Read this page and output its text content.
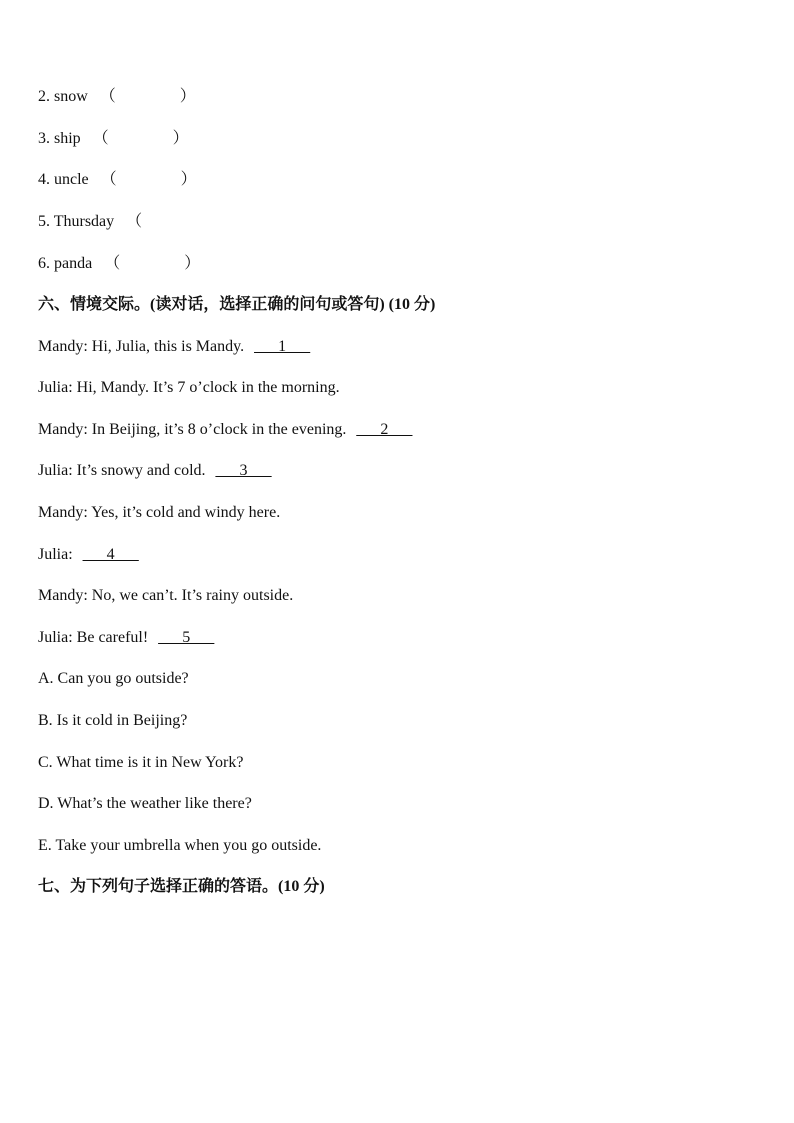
2. snow （　　　　）
3. ship （　　　　）
4. uncle （　　　　）
5. Thursday （
6. panda （　　　　）
六、情境交际。(读对话，选择正确的问句或答句) (10 分)
Mandy: Hi, Julia, this is Mandy. ___1___
Julia: Hi, Mandy. It’s 7 o’clock in the morning.
Mandy: In Beijing, it’s 8 o’clock in the evening. ___2___
Julia: It’s snowy and cold. ___3___
Mandy: Yes, it’s cold and windy here.
Julia: ___4___
Mandy: No, we can’t. It’s rainy outside.
Julia: Be careful! ___5___
A. Can you go outside?
B. Is it cold in Beijing?
C. What time is it in New York?
D. What’s the weather like there?
E. Take your umbrella when you go outside.
七、为下列句子选择正确的答语。(10 分)
